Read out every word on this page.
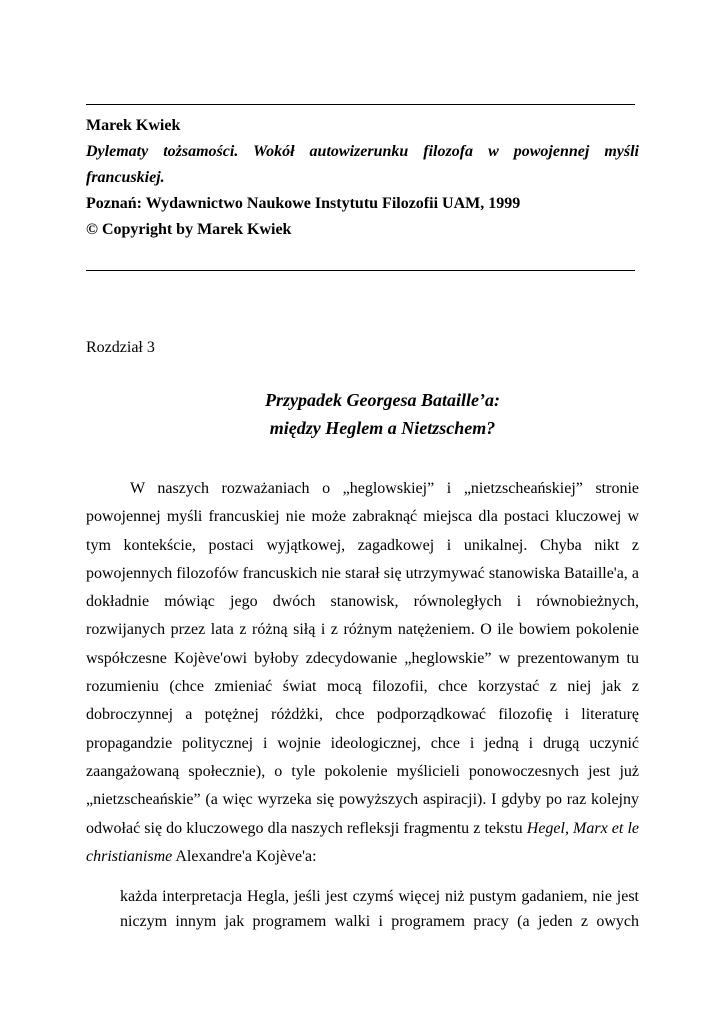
Marek Kwiek
Dylematy tożsamości. Wokół autowizerunku filozofa w powojennej myśli francuskiej.
Poznań: Wydawnictwo Naukowe Instytutu Filozofii UAM, 1999
© Copyright by Marek Kwiek
Rozdział 3
Przypadek Georgesa Bataille’a:
między Heglem a Nietzschem?
W naszych rozważaniach o „heglowskiej” i „nietzscheańskiej” stronie powojennej myśli francuskiej nie może zabraknąć miejsca dla postaci kluczowej w tym kontekście, postaci wyjątkowej, zagadkowej i unikalnej. Chyba nikt z powojennych filozofów francuskich nie starał się utrzymywać stanowiska Bataille'a, a dokładnie mówiąc jego dwóch stanowisk, równoległych i równobieżnych, rozwijanych przez lata z różną siłą i z różnym natężeniem. O ile bowiem pokolenie współczesne Kojève'owi byłoby zdecydowanie „heglowskie” w prezentowanym tu rozumieniu (chce zmieniać świat mocą filozofii, chce korzystać z niej jak z dobroczynnej a potężnej różdżki, chce podporządkować filozofię i literaturę propagandzie politycznej i wojnie ideologicznej, chce i jedną i drugą uczynić zaangażowaną społecznie), o tyle pokolenie myślicieli ponowoczesnych jest już „nietzscheańskie” (a więc wyrzeka się powyższych aspiracji). I gdyby po raz kolejny odwołać się do kluczowego dla naszych refleksji fragmentu z tekstu Hegel, Marx et le christianisme Alexandre'a Kojève'a:
każda interpretacja Hegla, jeśli jest czymś więcej niż pustym gadaniem, nie jest niczym innym jak programem walki i programem pracy (a jeden z owych
